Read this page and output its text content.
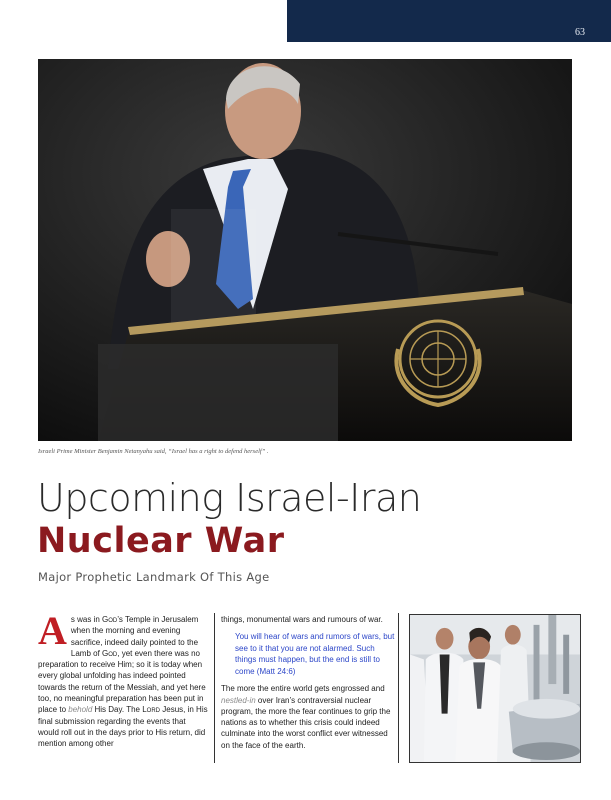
63
Israeli Prime Minister Benjamin Netanyahu said, “Israel has a right to defend herself” .
Upcoming Israel-Iran
Nuclear War
Major Prophetic Landmark Of This Age
As was in God’s Temple in Jerusalem when the morning and evening sacrifice, indeed daily pointed to the Lamb of God, yet even there was no preparation to receive Him; so it is today when every global unfolding has indeed pointed towards the return of the Messiah, and yet here too, no meaningful preparation has been put in place to behold His Day. The Lord Jesus, in His final submission regarding the events that would roll out in the days prior to His return, did mention among other
things, monumental wars and rumours of war.
You will hear of wars and rumors of wars, but see to it that you are not alarmed. Such things must happen, but the end is still to come (Matt 24:6)
The more the entire world gets engrossed and nestled-in over Iran’s contraversial nuclear program, the more the fear continues to grip the nations as to whether this crisis could indeed culminate into the worst conflict ever witnessed on the face of the earth.
